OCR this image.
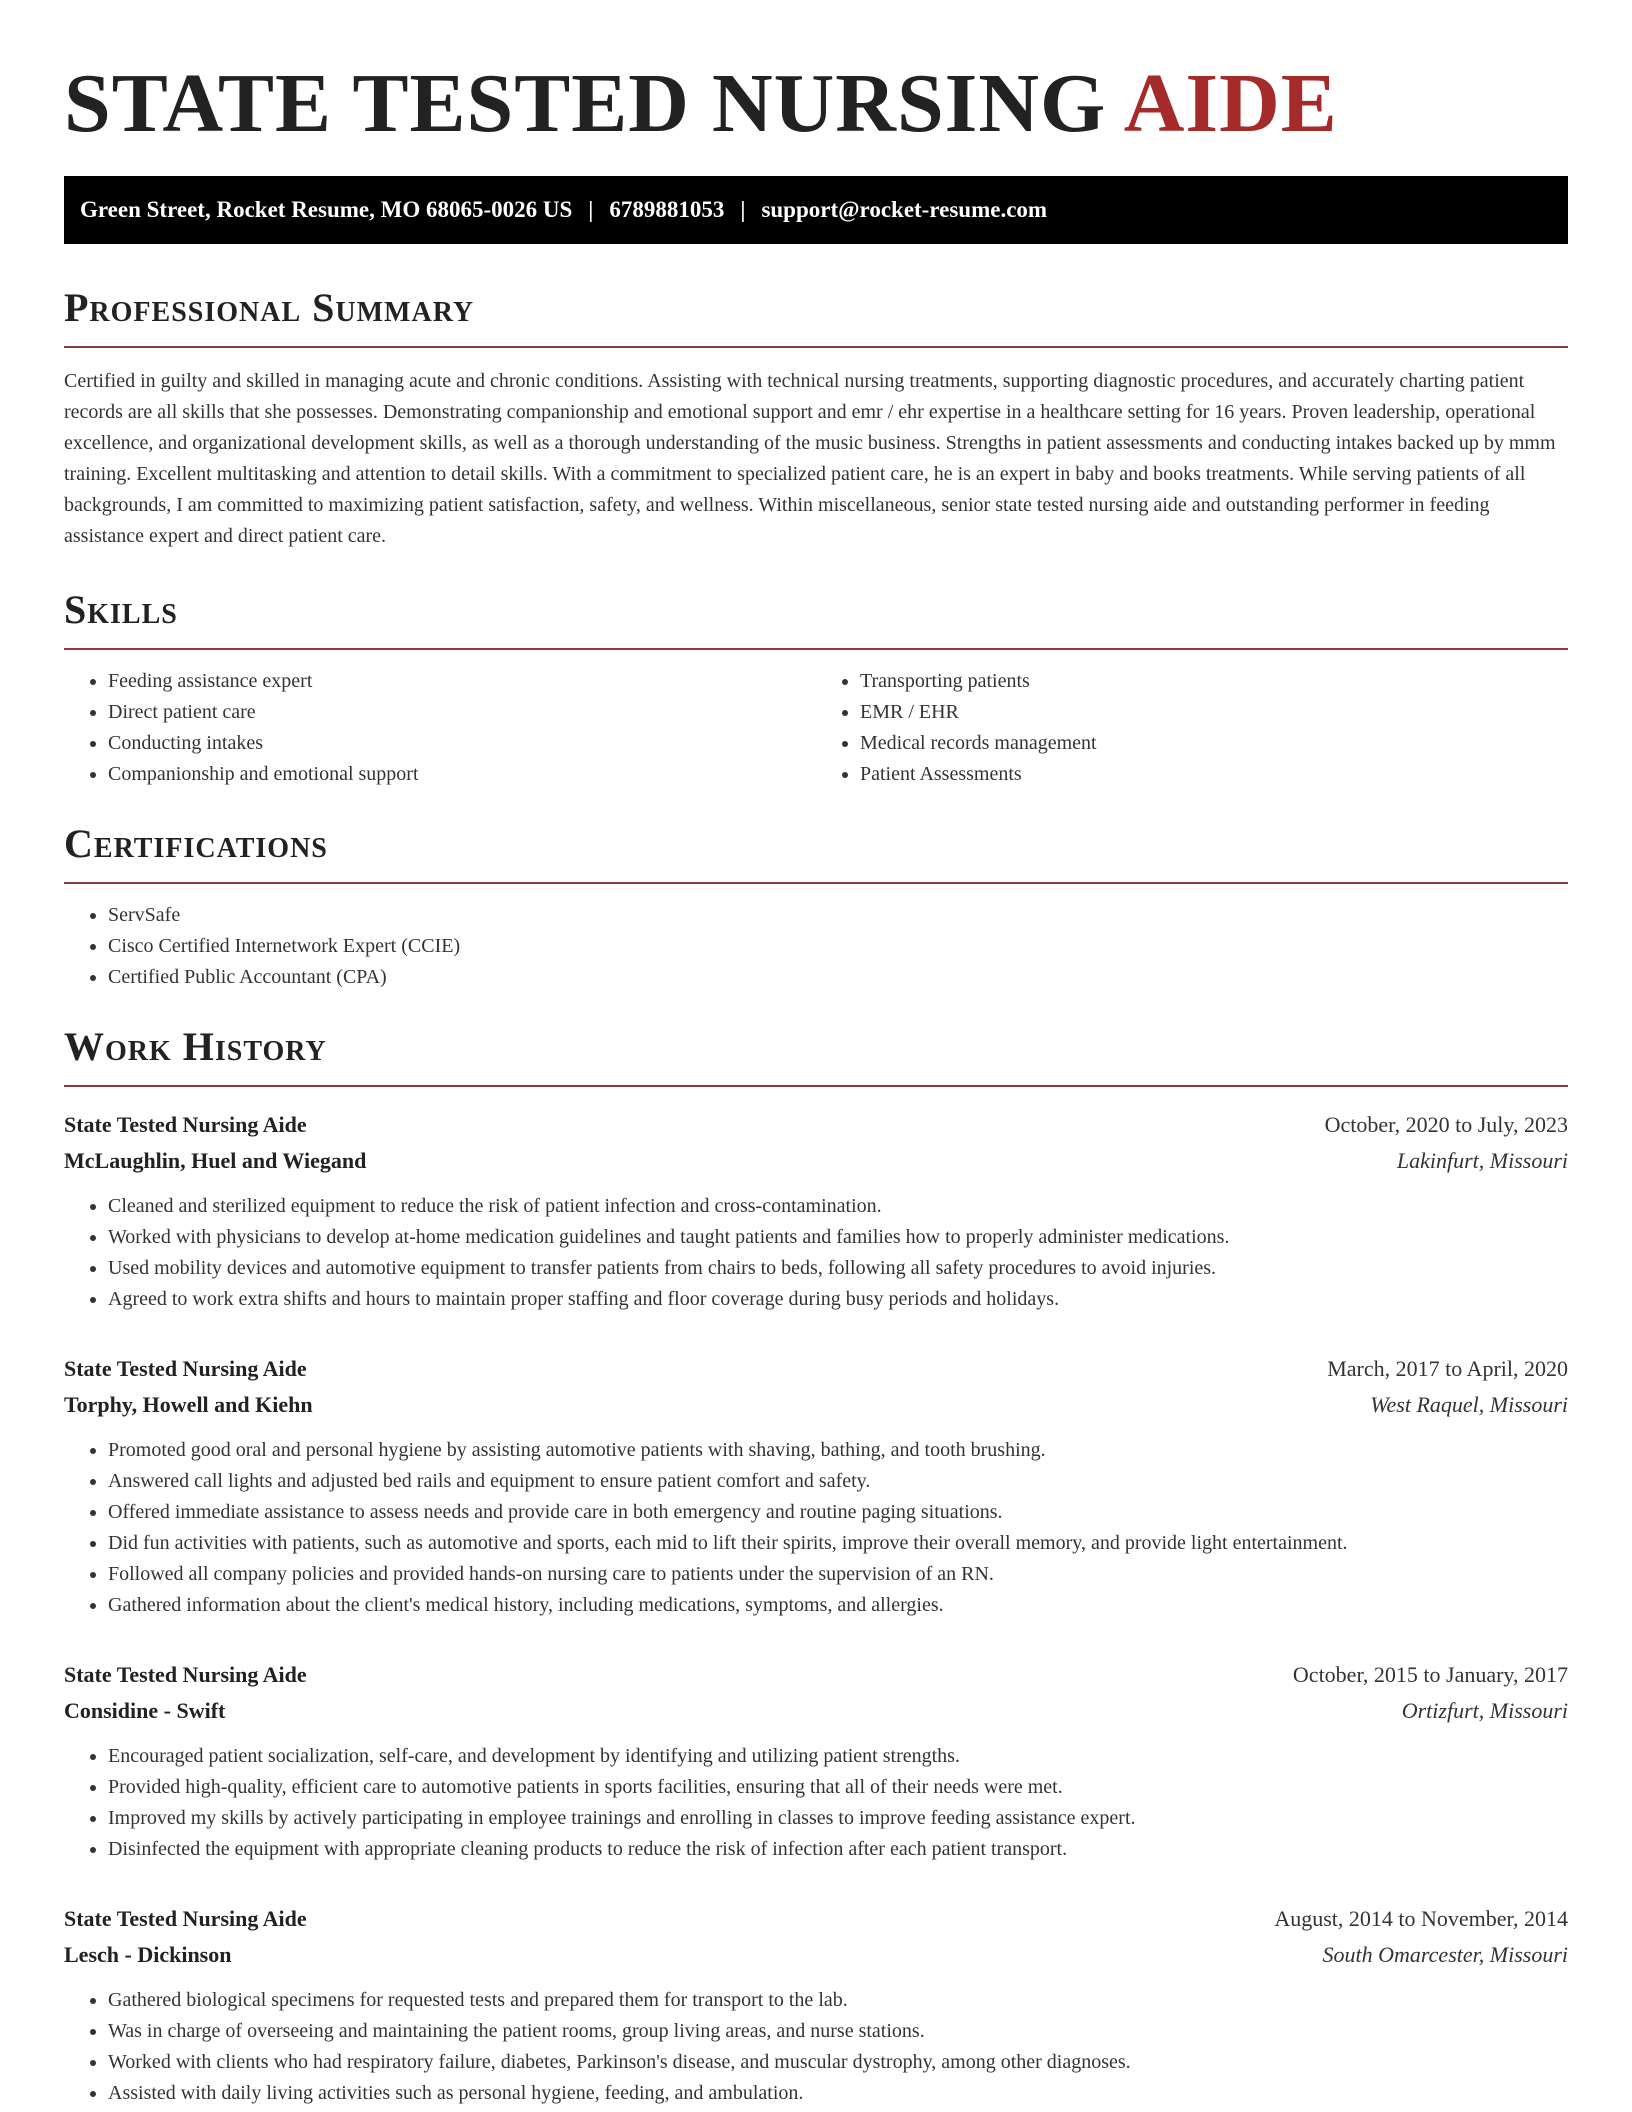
STATE TESTED NURSING AIDE
Green Street, Rocket Resume, MO 68065-0026 US | 6789881053 | support@rocket-resume.com
Professional Summary

Certified in guilty and skilled in managing acute and chronic conditions. Assisting with technical nursing treatments, supporting diagnostic procedures, and accurately charting patient records are all skills that she possesses. Demonstrating companionship and emotional support and emr / ehr expertise in a healthcare setting for 16 years. Proven leadership, operational excellence, and organizational development skills, as well as a thorough understanding of the music business. Strengths in patient assessments and conducting intakes backed up by mmm training. Excellent multitasking and attention to detail skills. With a commitment to specialized patient care, he is an expert in baby and books treatments. While serving patients of all backgrounds, I am committed to maximizing patient satisfaction, safety, and wellness. Within miscellaneous, senior state tested nursing aide and outstanding performer in feeding assistance expert and direct patient care.

Skills
• Feeding assistance expert
• Direct patient care
• Conducting intakes
• Companionship and emotional support
• Transporting patients
• EMR / EHR
• Medical records management
• Patient Assessments
Certifications
• ServSafe
• Cisco Certified Internetwork Expert (CCIE)
• Certified Public Accountant (CPA)
Work History
State Tested Nursing Aide	October, 2020 to July, 2023
McLaughlin, Huel and Wiegand	Lakinfurt, Missouri
• Cleaned and sterilized equipment to reduce the risk of patient infection and cross-contamination.
• Worked with physicians to develop at-home medication guidelines and taught patients and families how to properly administer medications.
• Used mobility devices and automotive equipment to transfer patients from chairs to beds, following all safety procedures to avoid injuries.
• Agreed to work extra shifts and hours to maintain proper staffing and floor coverage during busy periods and holidays.
State Tested Nursing Aide	March, 2017 to April, 2020
Torphy, Howell and Kiehn	West Raquel, Missouri
• Promoted good oral and personal hygiene by assisting automotive patients with shaving, bathing, and tooth brushing.
• Answered call lights and adjusted bed rails and equipment to ensure patient comfort and safety.
• Offered immediate assistance to assess needs and provide care in both emergency and routine paging situations.
• Did fun activities with patients, such as automotive and sports, each mid to lift their spirits, improve their overall memory, and provide light entertainment.
• Followed all company policies and provided hands-on nursing care to patients under the supervision of an RN.
• Gathered information about the client's medical history, including medications, symptoms, and allergies.
State Tested Nursing Aide	October, 2015 to January, 2017
Considine - Swift	Ortizfurt, Missouri
• Encouraged patient socialization, self-care, and development by identifying and utilizing patient strengths.
• Provided high-quality, efficient care to automotive patients in sports facilities, ensuring that all of their needs were met.
• Improved my skills by actively participating in employee trainings and enrolling in classes to improve feeding assistance expert.
• Disinfected the equipment with appropriate cleaning products to reduce the risk of infection after each patient transport.
State Tested Nursing Aide	August, 2014 to November, 2014
Lesch - Dickinson	South Omarcester, Missouri
• Gathered biological specimens for requested tests and prepared them for transport to the lab.
• Was in charge of overseeing and maintaining the patient rooms, group living areas, and nurse stations.
• Worked with clients who had respiratory failure, diabetes, Parkinson's disease, and muscular dystrophy, among other diagnoses.
• Assisted with daily living activities such as personal hygiene, feeding, and ambulation.
